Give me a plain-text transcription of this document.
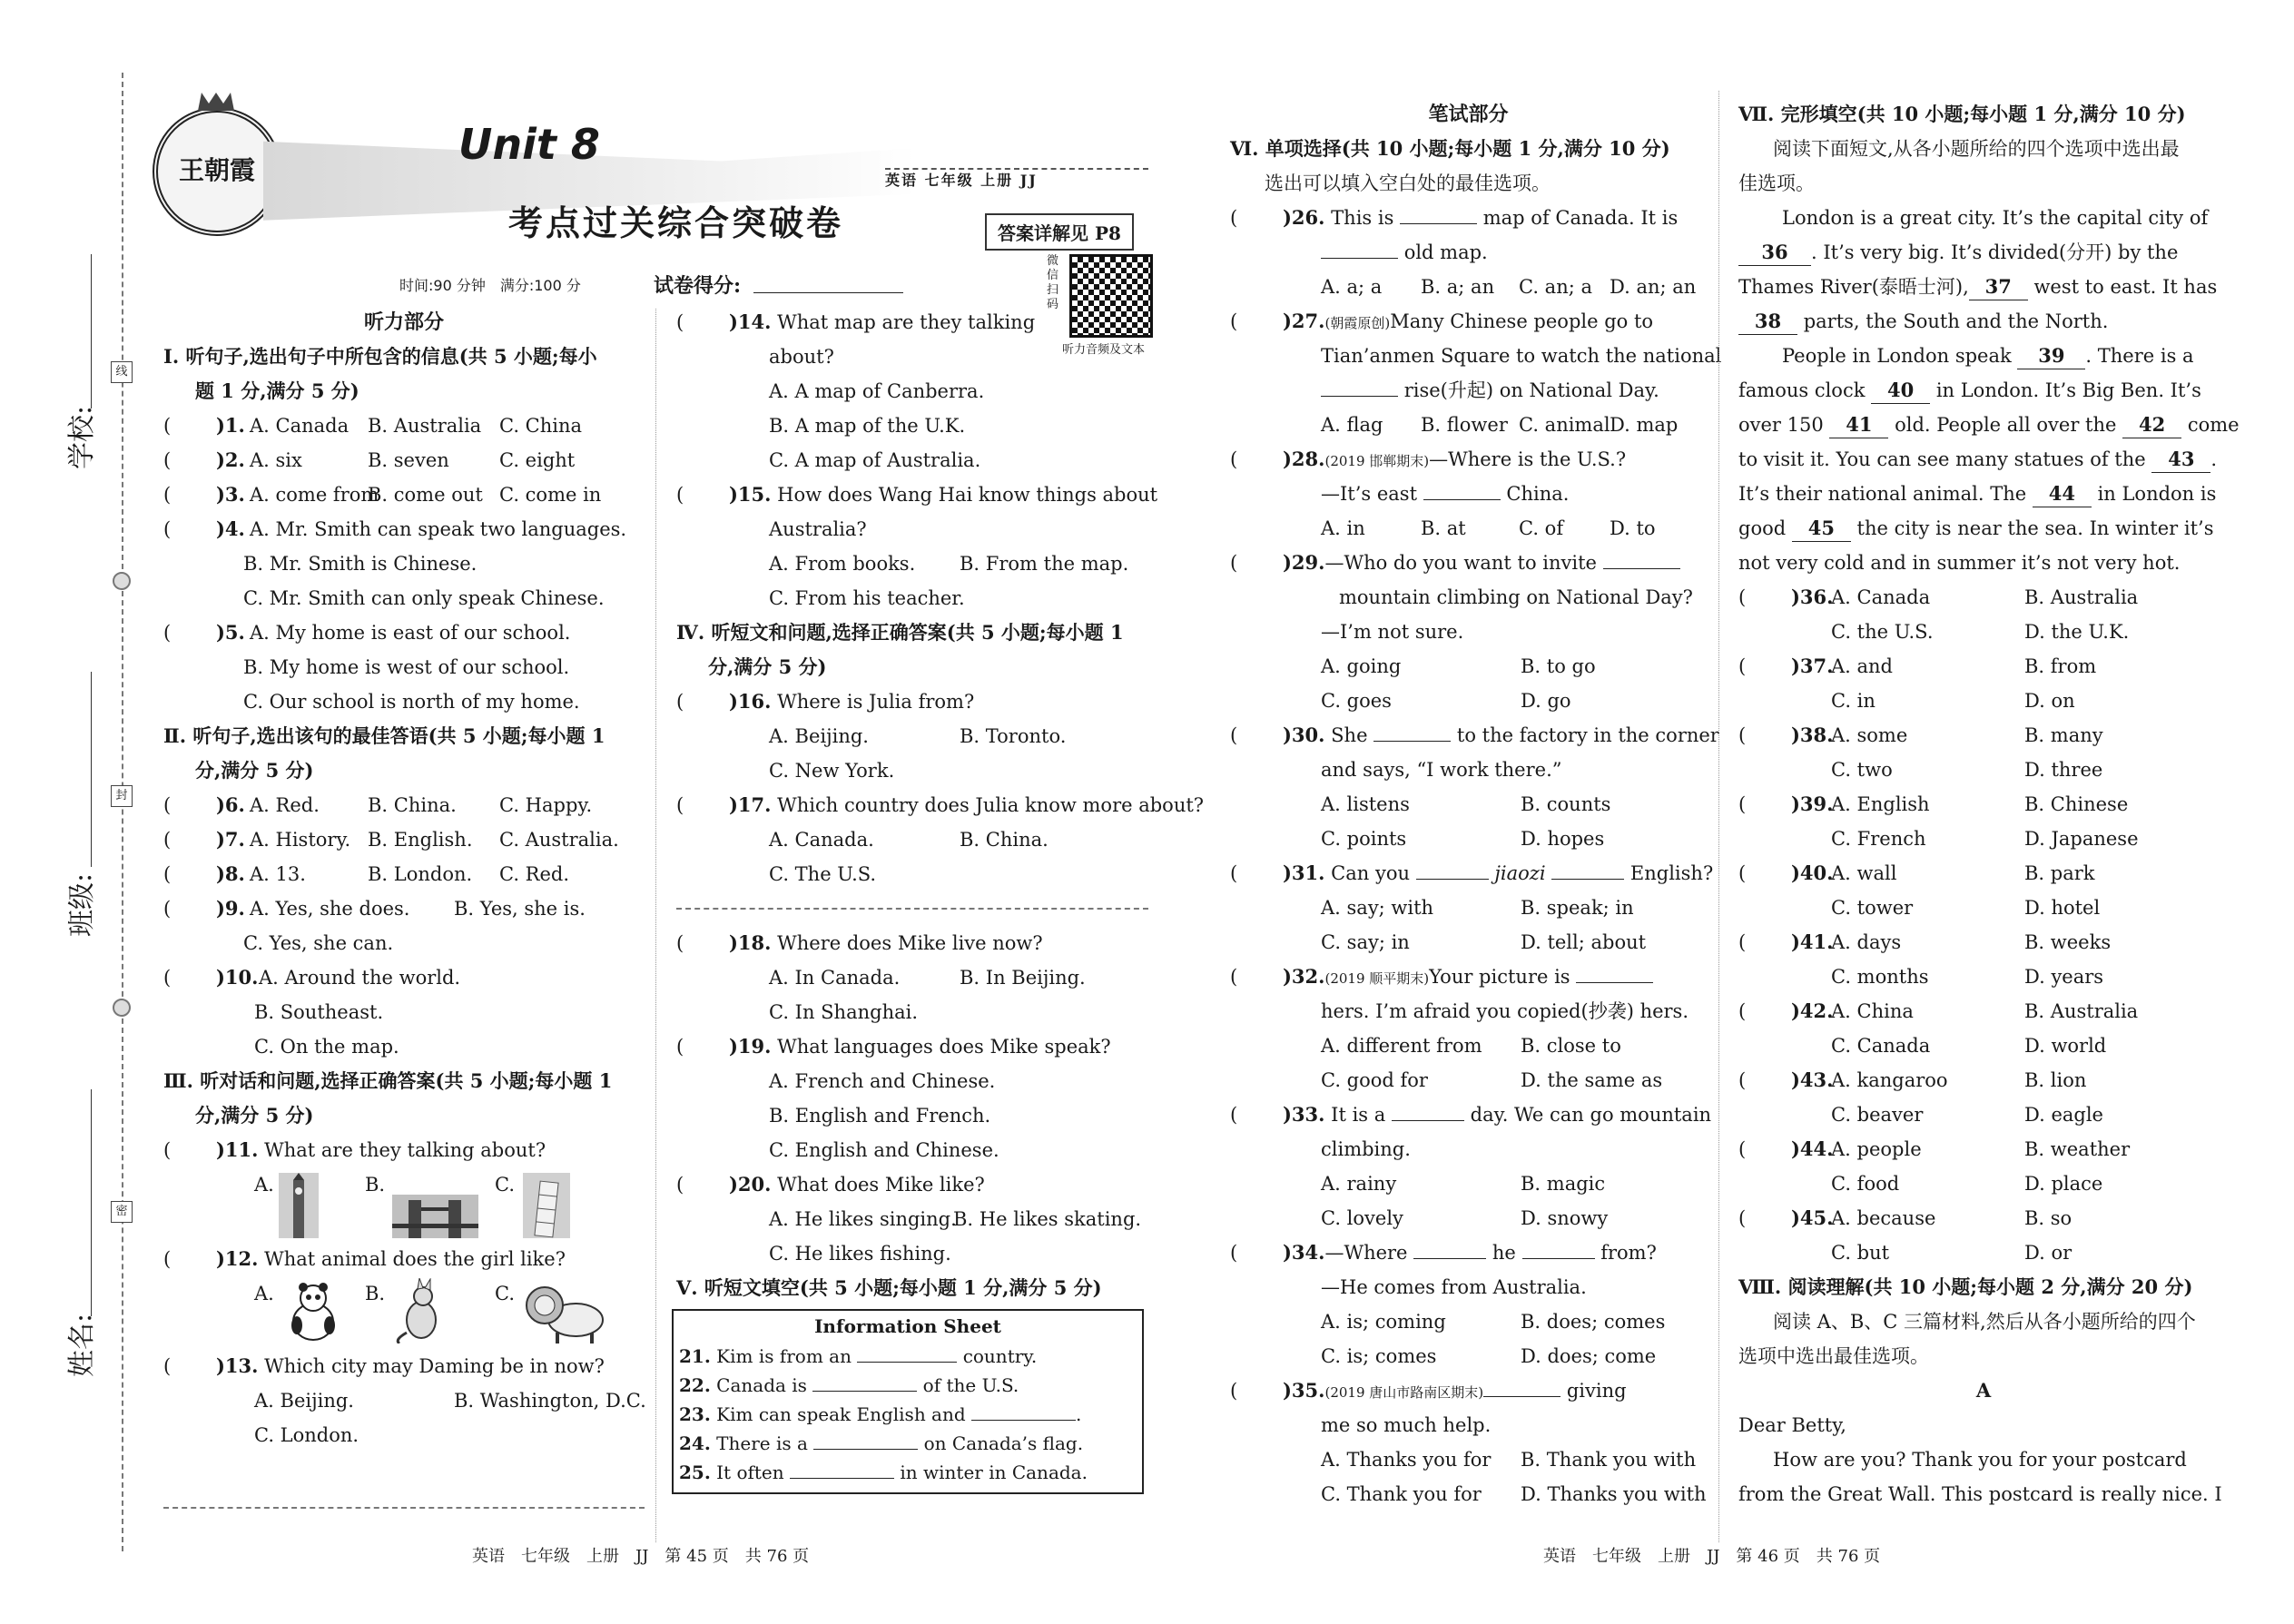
学校:
班级:
姓名:
线
封
密
王朝霞
Unit 8
考点过关综合突破卷
英语 七年级 上册 JJ
答案详解见 P8
时间:90 分钟　满分:100 分	试卷得分:
微信扫码
听力音频及文本
听力部分
Ⅰ. 听句子,选出句子中所包含的信息(共 5 小题;每小
题 1 分,满分 5 分)
( )1. A. Canada B. Australia C. China
( )2. A. six	B. seven	C. eight
( )3. A. come from
B. come out C. come in
( )4. A. Mr. Smith can speak two languages.
B. Mr. Smith is Chinese.
C. Mr. Smith can only speak Chinese.
( )5. A. My home is east of our school.
B. My home is west of our school.
C. Our school is north of my home.
Ⅱ. 听句子,选出该句的最佳答语(共 5 小题;每小题 1
分,满分 5 分)
( )6. A. Red.	B. China. C. Happy.
( )7. A. History. B. English. C. Australia.
( )8. A. 13.	B. London. C. Red.
( )9. A. Yes, she does. B. Yes, she is.
C. Yes, she can.
( )10. A. Around the world.
B. Southeast.
C. On the map.
Ⅲ. 听对话和问题,选择正确答案(共 5 小题;每小题 1
分,满分 5 分)
( )11. What are they talking about?
A.	B.	C.
( )12. What animal does the girl like?
A.	B.	C.
( )13. Which city may Daming be in now?
A. Beijing.	B. Washington, D.C.
C. London.
( )14. What map are they talking
about?
A. A map of Canberra.
B. A map of the U.K.
C. A map of Australia.
( )15. How does Wang Hai know things about
Australia?
A. From books. B. From the map.
C. From his teacher.
Ⅳ. 听短文和问题,选择正确答案(共 5 小题;每小题 1
分,满分 5 分)
( )16. Where is Julia from?
A. Beijing.	B. Toronto.
C. New York.
( )17. Which country does Julia know more about?
A. Canada.	B. China.
C. The U.S.
( )18. Where does Mike live now?
A. In Canada.	B. In Beijing.
C. In Shanghai.
( )19. What languages does Mike speak?
A. French and Chinese.
B. English and French.
C. English and Chinese.
( )20. What does Mike like?
A. He likes singing.
B. He likes skating.
C. He likes fishing.
Ⅴ. 听短文填空(共 5 小题;每小题 1 分,满分 5 分)
Information Sheet
21. Kim is from an	country.
22. Canada is	of the U.S.
23. Kim can speak English and	.
24. There is a	on Canada’s flag.
25. It often	in winter in Canada.
笔试部分
Ⅵ. 单项选择(共 10 小题;每小题 1 分,满分 10 分)
选出可以填入空白处的最佳选项。
( )26. This is	map of Canada. It is
old map.
A. a; a B. a; an C. an; a D. an; an
( )27.(朝霞原创)Many Chinese people go to
Tian’anmen Square to watch the national
rise(升起) on National Day.
A. flag B. flower C. animal D. map
( )28.(2019 邯郸期末)—Where is the U.S.?
—It’s east	China.
A. in	B. at	C. of D. to
( )29.—Who do you want to invite
mountain climbing on National Day?
—I’m not sure.
A. going	B. to go
C. goes	D. go
( )30. She	to the factory in the corner
and says, “I work there.”
A. listens	B. counts
C. points	D. hopes
( )31. Can you	jiaozi	English?
A. say; with	B. speak; in
C. say; in	D. tell; about
( )32.(2019 顺平期末)Your picture is
hers. I’m afraid you copied(抄袭) hers.
A. different from B. close to
C. good for	D. the same as
( )33. It is a	day. We can go mountain
climbing.
A. rainy	B. magic
C. lovely	D. snowy
( )34.—Where	he	from?
—He comes from Australia.
A. is; coming	B. does; comes
C. is; comes	D. does; come
( )35.(2019 唐山市路南区期末)	giving
me so much help.
A. Thanks you for B. Thank you with
C. Thank you for D. Thanks you with
Ⅶ. 完形填空(共 10 小题;每小题 1 分,满分 10 分)
阅读下面短文,从各小题所给的四个选项中选出最
佳选项。
London is a great city. It’s the capital city of
36 . It’s very big. It’s divided(分开) by the
Thames River(泰晤士河), 37 west to east. It has
38 parts, the South and the North.
People in London speak 39 . There is a
famous clock 40 in London. It’s Big Ben. It’s
over 150 41 old. People all over the 42 come
to visit it. You can see many statues of the 43 .
It’s their national animal. The 44 in London is
good 45 the city is near the sea. In winter it’s
not very cold and in summer it’s not very hot.
( )36.
A. Canada	B. Australia
C. the U.S.	D. the U.K.
( )37.
A. and	B. from
C. in	D. on
( )38.
A. some	B. many
C. two	D. three
( )39.
A. English	B. Chinese
C. French	D. Japanese
( )40.
A. wall	B. park
C. tower	D. hotel
( )41.
A. days	B. weeks
C. months	D. years
( )42.
A. China	B. Australia
C. Canada	D. world
( )43.
A. kangaroo	B. lion
C. beaver	D. eagle
( )44.
A. people	B. weather
C. food	D. place
( )45.
A. because	B. so
C. but	D. or
Ⅷ. 阅读理解(共 10 小题;每小题 2 分,满分 20 分)
阅读 A、B、C 三篇材料,然后从各小题所给的四个
选项中选出最佳选项。
A
Dear Betty,
How are you? Thank you for your postcard
from the Great Wall. This postcard is really nice. I
英语　七年级　上册　JJ　第 45 页　共 76 页	英语　七年级　上册　JJ　第 46 页　共 76 页
